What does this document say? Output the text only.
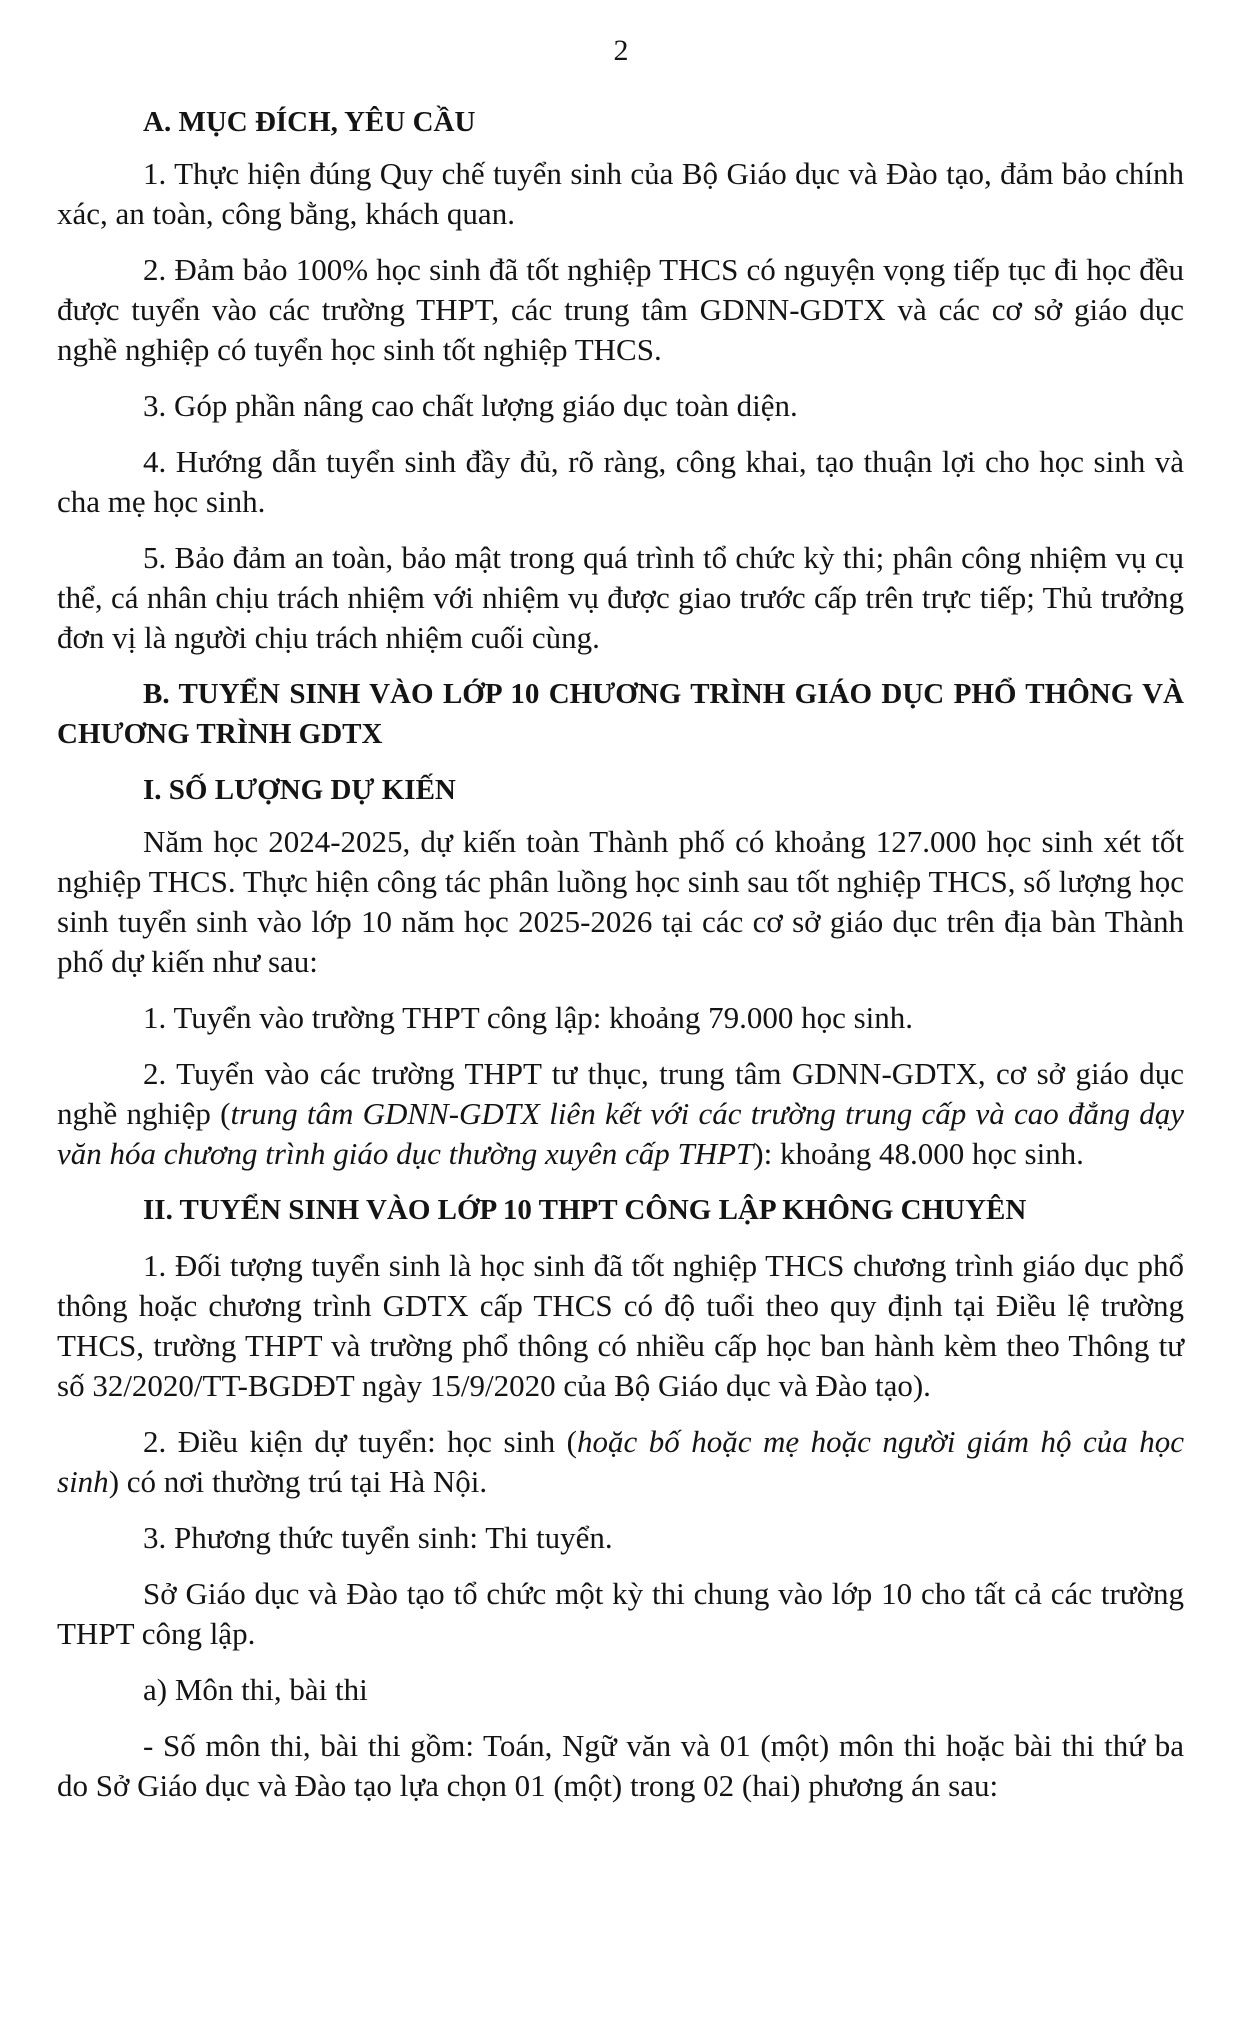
2

A. MỤC ĐÍCH, YÊU CẦU

1. Thực hiện đúng Quy chế tuyển sinh của Bộ Giáo dục và Đào tạo, đảm bảo chính xác, an toàn, công bằng, khách quan.

2. Đảm bảo 100% học sinh đã tốt nghiệp THCS có nguyện vọng tiếp tục đi học đều được tuyển vào các trường THPT, các trung tâm GDNN-GDTX và các cơ sở giáo dục nghề nghiệp có tuyển học sinh tốt nghiệp THCS.

3. Góp phần nâng cao chất lượng giáo dục toàn diện.

4. Hướng dẫn tuyển sinh đầy đủ, rõ ràng, công khai, tạo thuận lợi cho học sinh và cha mẹ học sinh.

5. Bảo đảm an toàn, bảo mật trong quá trình tổ chức kỳ thi; phân công nhiệm vụ cụ thể, cá nhân chịu trách nhiệm với nhiệm vụ được giao trước cấp trên trực tiếp; Thủ trưởng đơn vị là người chịu trách nhiệm cuối cùng.

B. TUYỂN SINH VÀO LỚP 10 CHƯƠNG TRÌNH GIÁO DỤC PHỔ THÔNG VÀ CHƯƠNG TRÌNH GDTX

I. SỐ LƯỢNG DỰ KIẾN

Năm học 2024-2025, dự kiến toàn Thành phố có khoảng 127.000 học sinh xét tốt nghiệp THCS. Thực hiện công tác phân luồng học sinh sau tốt nghiệp THCS, số lượng học sinh tuyển sinh vào lớp 10 năm học 2025-2026 tại các cơ sở giáo dục trên địa bàn Thành phố dự kiến như sau:

1. Tuyển vào trường THPT công lập: khoảng 79.000 học sinh.

2. Tuyển vào các trường THPT tư thục, trung tâm GDNN-GDTX, cơ sở giáo dục nghề nghiệp (trung tâm GDNN-GDTX liên kết với các trường trung cấp và cao đẳng dạy văn hóa chương trình giáo dục thường xuyên cấp THPT): khoảng 48.000 học sinh.

II. TUYỂN SINH VÀO LỚP 10 THPT CÔNG LẬP KHÔNG CHUYÊN

1. Đối tượng tuyển sinh là học sinh đã tốt nghiệp THCS chương trình giáo dục phổ thông hoặc chương trình GDTX cấp THCS có độ tuổi theo quy định tại Điều lệ trường THCS, trường THPT và trường phổ thông có nhiều cấp học ban hành kèm theo Thông tư số 32/2020/TT-BGDĐT ngày 15/9/2020 của Bộ Giáo dục và Đào tạo).

2. Điều kiện dự tuyển: học sinh (hoặc bố hoặc mẹ hoặc người giám hộ của học sinh) có nơi thường trú tại Hà Nội.

3. Phương thức tuyển sinh: Thi tuyển.

Sở Giáo dục và Đào tạo tổ chức một kỳ thi chung vào lớp 10 cho tất cả các trường THPT công lập.

a) Môn thi, bài thi

- Số môn thi, bài thi gồm: Toán, Ngữ văn và 01 (một) môn thi hoặc bài thi thứ ba do Sở Giáo dục và Đào tạo lựa chọn 01 (một) trong 02 (hai) phương án sau:
